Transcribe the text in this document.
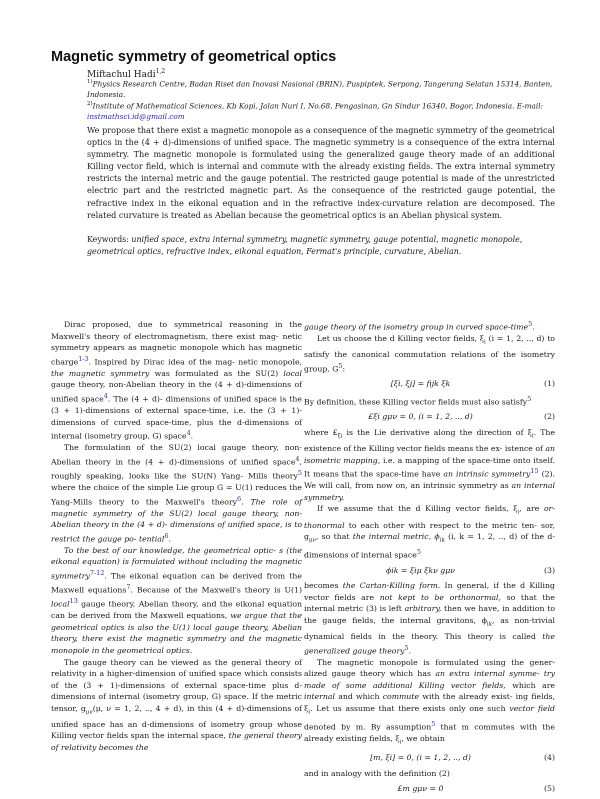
Magnetic symmetry of geometrical optics
Miftachul Hadi$^{1,2}$
$^{1)}$Physics Research Centre, Badan Riset dan Inovasi Nasional (BRIN), Puspiptek, Serpong, Tangerang Selatan 15314, Banten, Indonesia.
$^{2)}$Institute of Mathematical Sciences, Kb Kopi, Jalan Nuri I, No.68, Pengasinan, Gn Sindur 16340, Bogor, Indonesia. E-mail: instmathsci.id@gmail.com
We propose that there exist a magnetic monopole as a consequence of the magnetic symmetry of the geometrical optics in the (4 + d)-dimensions of unified space. The magnetic symmetry is a consequence of the extra internal symmetry. The magnetic monopole is formulated using the generalized gauge theory made of an additional Killing vector field, which is internal and commute with the already existing fields. The extra internal symmetry restricts the internal metric and the gauge potential. The restricted gauge potential is made of the unrestricted electric part and the restricted magnetic part. As the consequence of the restricted gauge potential, the refractive index in the eikonal equation and in the refractive index-curvature relation are decomposed. The related curvature is treated as Abelian because the geometrical optics is an Abelian physical system.
Keywords: unified space, extra internal symmetry, magnetic symmetry, gauge potential, magnetic monopole, geometrical optics, refractive index, eikonal equation, Fermat's principle, curvature, Abelian.

Dirac proposed, due to symmetrical reasoning in the Maxwell's theory of electromagnetism, there exist mag- netic symmetry appears as magnetic monopole which has magnetic charge$^{1-3}$. Inspired by Dirac idea of the mag- netic monopole, the magnetic symmetry was formulated as the SU(2) local gauge theory, non-Abelian theory in the (4 + d)-dimensions of unified space$^4$. The (4 + d)- dimensions of unified space is the (3 + 1)-dimensions of external space-time, i.e. the (3 + 1)-dimensions of curved space-time, plus the d-dimensions of internal (isometry group, G) space$^4$.

The formulation of the SU(2) local gauge theory, non-Abelian theory in the (4 + d)-dimensions of unified space$^4$, roughly speaking, looks like the SU(N) Yang- Mills theory$^5$ where the choice of the simple Lie group G = U(1) reduces the Yang-Mills theory to the Maxwell's theory$^6$. The role of magnetic symmetry of the SU(2) local gauge theory, non-Abelian theory in the (4 + d)- dimensions of unified space, is to restrict the gauge po- tential$^6$.

To the best of our knowledge, the geometrical optic- s (the eikonal equation) is formulated without including the magnetic symmetry$^{7-12}$. The eikonal equation can be derived from the Maxwell equations$^7$. Because of the Maxwell's theory is U(1) local$^{13}$ gauge theory, Abelian theory, and the eikonal equation can be derived from the Maxwell equations, we argue that the geometrical optics is also the U(1) local gauge theory, Abelian theory, there exist the magnetic symmetry and the magnetic monopole in the geometrical optics.

The gauge theory can be viewed as the general theory of relativity in a higher-dimension of unified space which consists of the (3 + 1)-dimensions of external space-time plus d-dimensions of internal (isometry group, G) space. If the metric tensor, $g_{\mu\nu}(\mu$, ν = 1, 2, .., 4 + d), in this (4 + d)-dimensions of unified space has an d-dimensions of isometry group whose Killing vector fields span the internal space, the general theory of relativity becomes the

gauge theory of the isometry group in curved space-time$^5$.

Let us choose the d Killing vector fields, $\xi_i$ (i = 1, 2, .., d) to satisfy the canonical commutation relations of the isometry group, G$^5$:

[ξi, ξj] = fijk ξk	(1)

By definition, these Killing vector fields must also satisfy$^5$

£ξi gμν = 0, (i = 1, 2, .., d)	(2)

where $£_{\xi i}$ is the Lie derivative along the direction of $\xi_i$. The existence of the Killing vector fields means the ex- istence of an isometric mapping, i.e. a mapping of the space-time onto itself. It means that the space-time have an intrinsic symmetry$^{15}$ (2). We will call, from now on, an intrinsic symmetry as an internal symmetry.

If we assume that the d Killing vector fields, $\xi_i$, are or- thonormal to each other with respect to the metric ten- sor, $g_{\mu\nu}$, so that the internal metric, $\phi_{ik}$ (i, k = 1, 2, .., d) of the d-dimensions of internal space$^5$

ϕik = ξiμ ξkν gμν	(3)

becomes the Cartan-Killing form. In general, if the d Killing vector fields are not kept to be orthonormal, so that the internal metric (3) is left arbitrary, then we have, in addition to the gauge fields, the internal gravitons, $\phi_{ik}$, as non-trivial dynamical fields in the theory. This theory is called the generalized gauge theory$^5$.

The magnetic monopole is formulated using the gener- alized gauge theory which has an extra internal symme- try made of some additional Killing vector fields, which are internal and which commute with the already exist- ing fields, $\xi_i$. Let us assume that there exists only one such vector field denoted by m. By assumption$^5$ that m commutes with the already existing fields, $\xi_i$, we obtain

[m, ξi] = 0, (i = 1, 2, .., d)	(4)

and in analogy with the definition (2)

£m gμν = 0	(5)
